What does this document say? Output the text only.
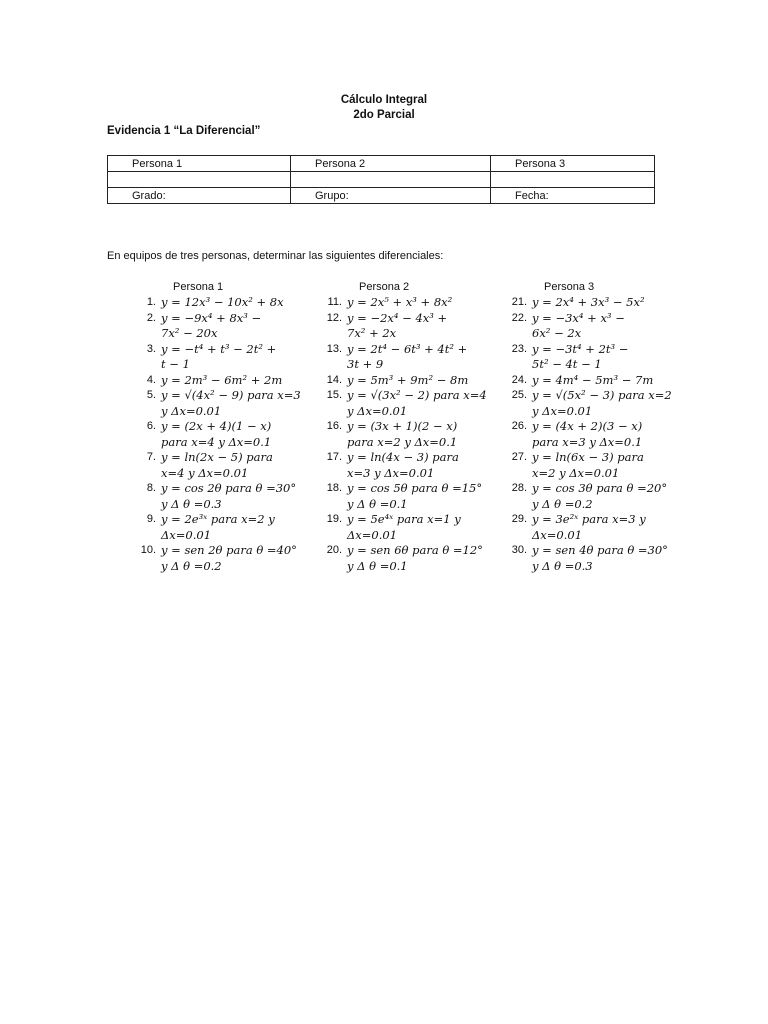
Cálculo Integral
2do Parcial
Evidencia 1 “La Diferencial”
Persona 1	Persona 2	Persona 3

Grado:	Grupo:	Fecha:
En equipos de tres personas, determinar las siguientes diferenciales:
Persona 1
1. y = 12x³ − 10x² + 8x
2. y = −9x⁴ + 8x³ −
7x² − 20x
3. y = −t⁴ + t³ − 2t² +
t − 1
4. y = 2m³ − 6m² + 2m
5. y = √(4x² − 9) para x=3
y Δx=0.01
6. y = (2x + 4)(1 − x)
para x=4 y Δx=0.1
7. y = ln(2x − 5) para
x=4 y Δx=0.01
8. y = cos 2θ para θ =30°
y Δ θ =0.3
9. y = 2e³ˣ para x=2 y
Δx=0.01
10. y = sen 2θ para θ =40°
y Δ θ =0.2
Persona 2
11. y = 2x⁵ + x³ + 8x²
12. y = −2x⁴ − 4x³ +
7x² + 2x
13. y = 2t⁴ − 6t³ + 4t² +
3t + 9
14. y = 5m³ + 9m² − 8m
15. y = √(3x² − 2) para x=4
y Δx=0.01
16. y = (3x + 1)(2 − x)
para x=2 y Δx=0.1
17. y = ln(4x − 3) para
x=3 y Δx=0.01
18. y = cos 5θ para θ =15°
y Δ θ =0.1
19. y = 5e⁴ˣ para x=1 y
Δx=0.01
20. y = sen 6θ para θ =12°
y Δ θ =0.1
Persona 3
21. y = 2x⁴ + 3x³ − 5x²
22. y = −3x⁴ + x³ −
6x² − 2x
23. y = −3t⁴ + 2t³ −
5t² − 4t − 1
24. y = 4m⁴ − 5m³ − 7m
25. y = √(5x² − 3) para x=2
y Δx=0.01
26. y = (4x + 2)(3 − x)
para x=3 y Δx=0.1
27. y = ln(6x − 3) para
x=2 y Δx=0.01
28. y = cos 3θ para θ =20°
y Δ θ =0.2
29. y = 3e²ˣ para x=3 y
Δx=0.01
30. y = sen 4θ para θ =30°
y Δ θ =0.3
